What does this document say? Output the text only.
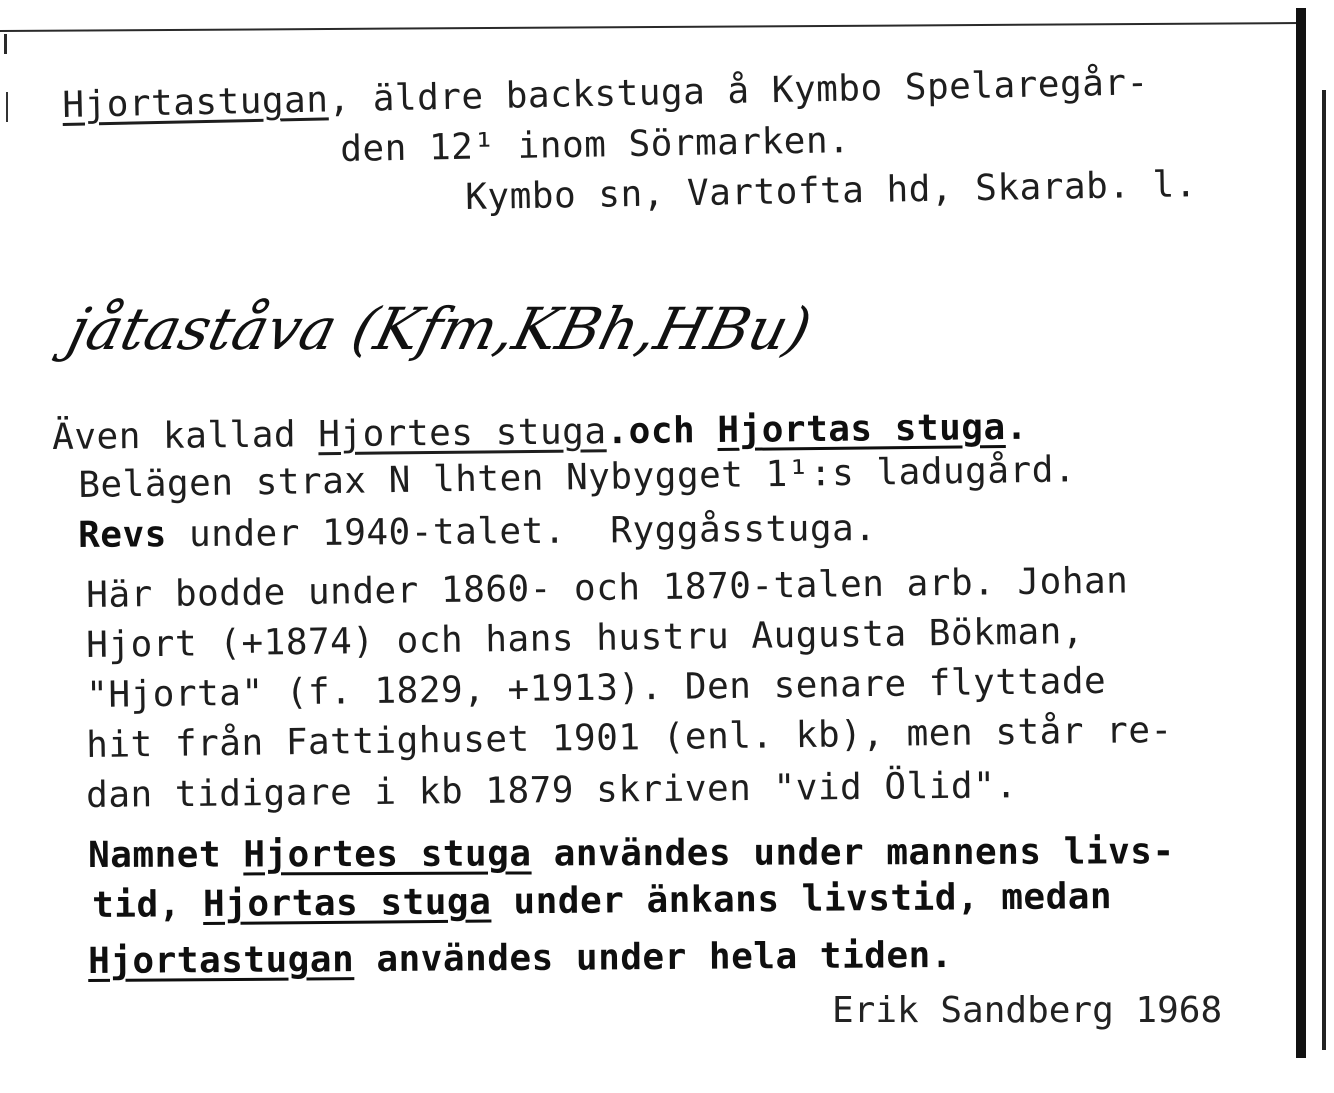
Hjortastugan, äldre backstuga å Kymbo Spelaregår-
den 12¹ inom Sörmarken.
Kymbo sn, Vartofta hd, Skarab. l.
jåtaståva (Kfm,KBh,HBu)
Även kallad Hjortes stuga.och Hjortas stuga.
Belägen strax N lhten Nybygget 1¹:s ladugård.
Revs under 1940-talet.  Ryggåsstuga.
Här bodde under 1860- och 1870-talen arb. Johan
Hjort (+1874) och hans hustru Augusta Bökman,
"Hjorta" (f. 1829, +1913). Den senare flyttade
hit från Fattighuset 1901 (enl. kb), men står re-
dan tidigare i kb 1879 skriven "vid Ölid".
Namnet Hjortes stuga användes under mannens livs-
tid, Hjortas stuga under änkans livstid, medan
Hjortastugan användes under hela tiden.
Erik Sandberg 1968
